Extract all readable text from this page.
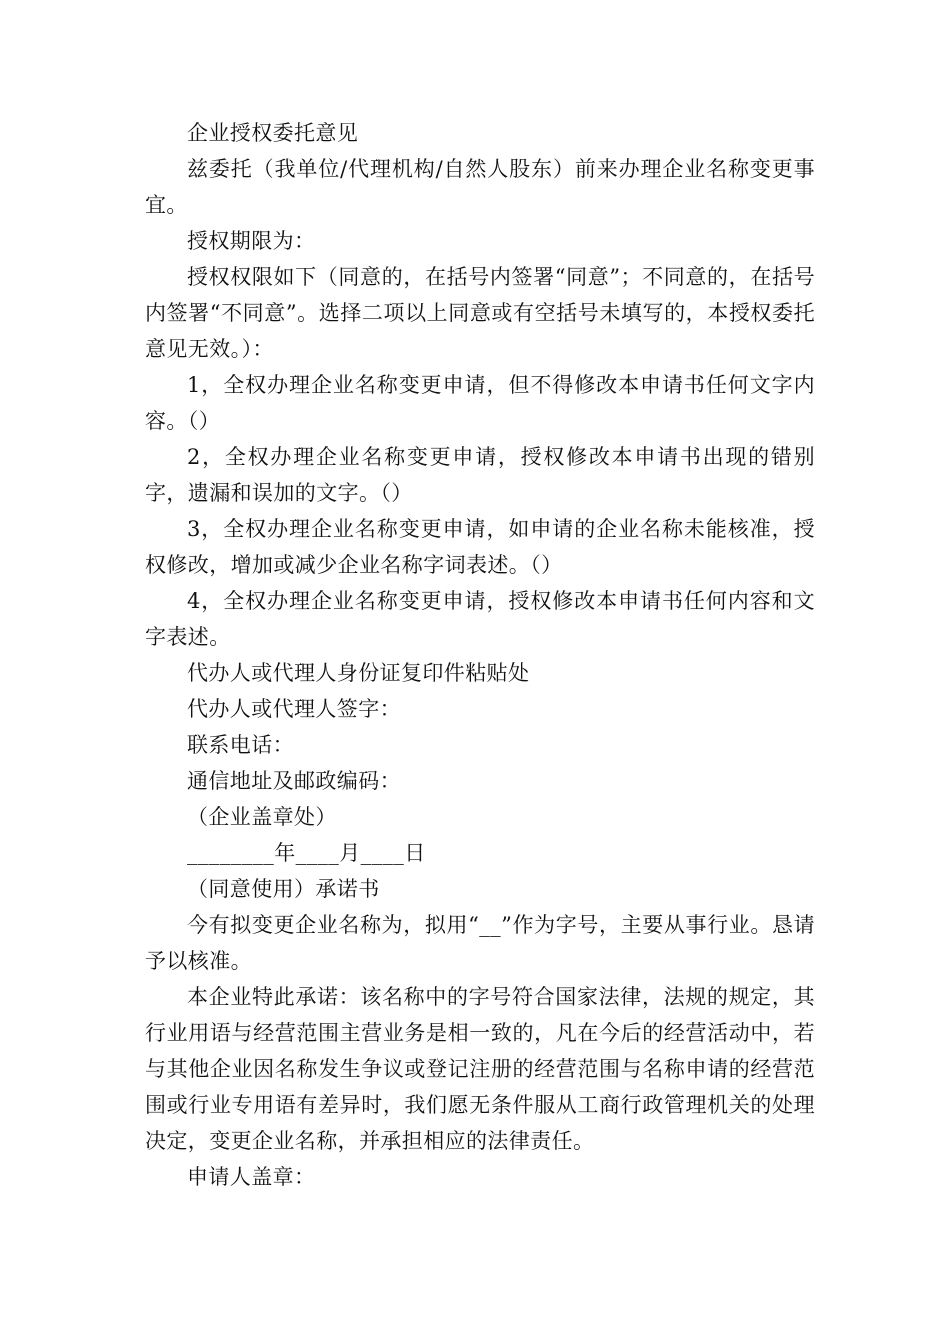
企业授权委托意见

兹委托（我单位/代理机构/自然人股东）前来办理企业名称变更事宜。

授权期限为：

授权权限如下（同意的，在括号内签署“同意”；不同意的，在括号内签署“不同意”。选择二项以上同意或有空括号未填写的，本授权委托意见无效。）：

1，全权办理企业名称变更申请，但不得修改本申请书任何文字内容。（）

2，全权办理企业名称变更申请，授权修改本申请书出现的错别字，遗漏和误加的文字。（）

3，全权办理企业名称变更申请，如申请的企业名称未能核准，授权修改，增加或减少企业名称字词表述。（）

4，全权办理企业名称变更申请，授权修改本申请书任何内容和文字表述。

代办人或代理人身份证复印件粘贴处

代办人或代理人签字：

联系电话：

通信地址及邮政编码：

（企业盖章处）

________年____月____日

（同意使用）承诺书

今有拟变更企业名称为，拟用“__”作为字号，主要从事行业。恳请予以核准。

本企业特此承诺：该名称中的字号符合国家法律，法规的规定，其行业用语与经营范围主营业务是相一致的，凡在今后的经营活动中，若与其他企业因名称发生争议或登记注册的经营范围与名称申请的经营范围或行业专用语有差异时，我们愿无条件服从工商行政管理机关的处理决定，变更企业名称，并承担相应的法律责任。

申请人盖章：
